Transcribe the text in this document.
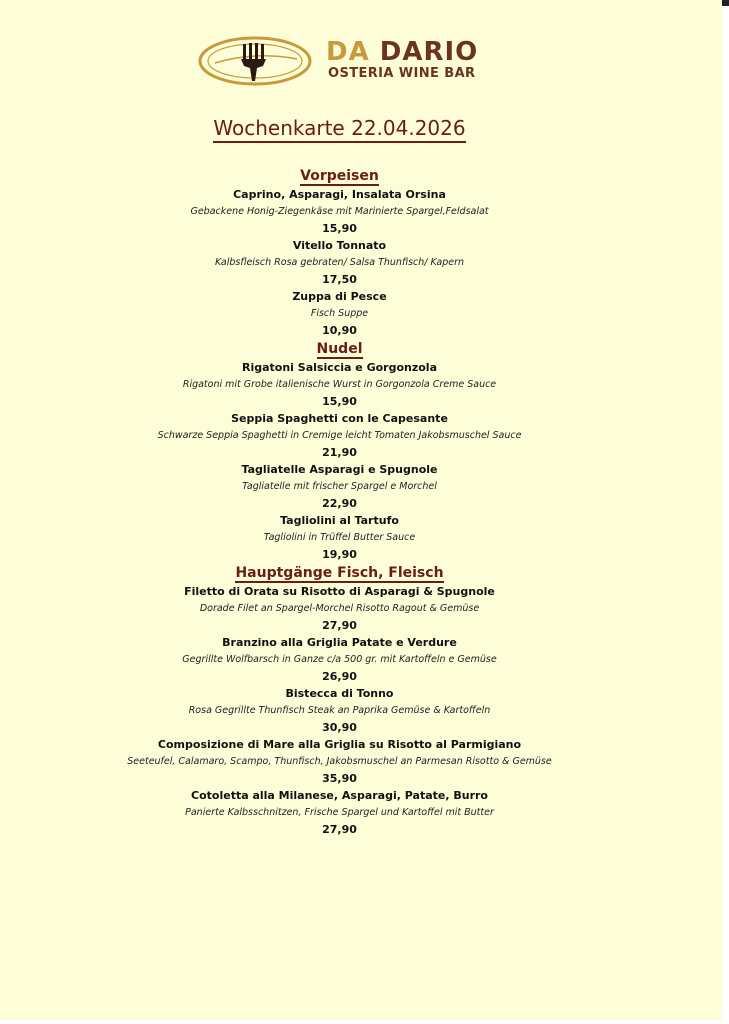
DA DARIO
OSTERIA WINE BAR
Wochenkarte 22.04.2026
Vorpeisen
Caprino, Asparagi, Insalata Orsina
Gebackene Honig-Ziegenkäse mit Marinierte Spargel,Feldsalat
15,90
Vitello Tonnato
Kalbsfleisch Rosa gebraten/ Salsa Thunfisch/ Kapern
17,50
Zuppa di Pesce
Fisch Suppe
10,90
Nudel
Rigatoni Salsiccia e Gorgonzola
Rigatoni mit Grobe italienische Wurst in Gorgonzola Creme Sauce
15,90
Seppia Spaghetti con le Capesante
Schwarze Seppia Spaghetti in Cremige leicht Tomaten Jakobsmuschel Sauce
21,90
Tagliatelle Asparagi e Spugnole
Tagliatelle mit frischer Spargel e Morchel
22,90
Tagliolini al Tartufo
Tagliolini in Trüffel Butter Sauce
19,90
Hauptgänge Fisch, Fleisch
Filetto di Orata su Risotto di Asparagi & Spugnole
Dorade Filet an Spargel-Morchel Risotto Ragout & Gemüse
27,90
Branzino alla Griglia Patate e Verdure
Gegrillte Wolfbarsch in Ganze c/a 500 gr. mit Kartoffeln e Gemüse
26,90
Bistecca di Tonno
Rosa Gegrillte Thunfisch Steak an Paprika Gemüse & Kartoffeln
30,90
Composizione di Mare alla Griglia su Risotto al Parmigiano
Seeteufel, Calamaro, Scampo, Thunfisch, Jakobsmuschel an Parmesan Risotto & Gemüse
35,90
Cotoletta alla Milanese, Asparagi, Patate, Burro
Panierte Kalbsschnitzen, Frische Spargel und Kartoffel mit Butter
27,90
